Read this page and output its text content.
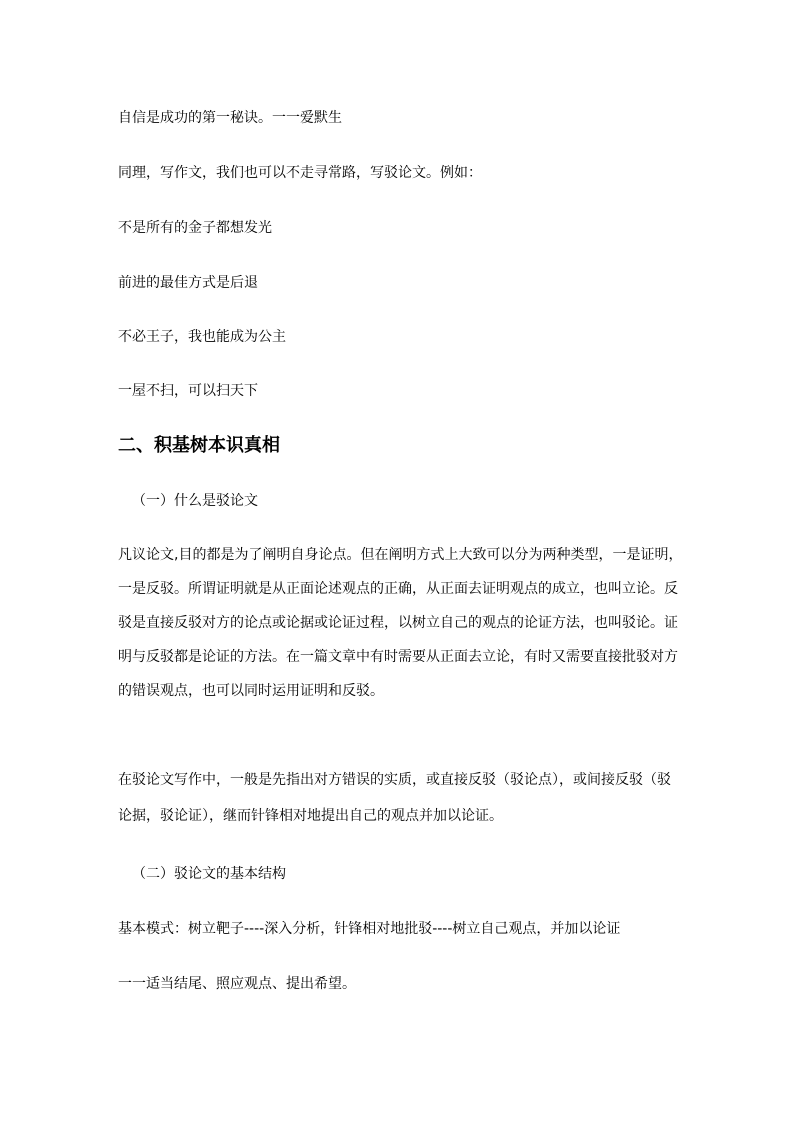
自信是成功的第一秘诀。一一爱默生
同理，写作文，我们也可以不走寻常路，写驳论文。例如：
不是所有的金子都想发光
前进的最佳方式是后退
不必王子，我也能成为公主
一屋不扫，可以扫天下
二、积基树本识真相
（一）什么是驳论文
凡议论文,目的都是为了阐明自身论点。但在阐明方式上大致可以分为两种类型，一是证明，
一是反驳。所谓证明就是从正面论述观点的正确，从正面去证明观点的成立，也叫立论。反
驳是直接反驳对方的论点或论据或论证过程，以树立自己的观点的论证方法，也叫驳论。证
明与反驳都是论证的方法。在一篇文章中有时需要从正面去立论，有时又需要直接批驳对方
的错误观点，也可以同时运用证明和反驳。
在驳论文写作中，一般是先指出对方错误的实质，或直接反驳（驳论点），或间接反驳（驳
论据，驳论证），继而针锋相对地提出自己的观点并加以论证。
（二）驳论文的基本结构
基本模式：树立靶子----深入分析，针锋相对地批驳----树立自己观点，并加以论证
一一适当结尾、照应观点、提出希望。
